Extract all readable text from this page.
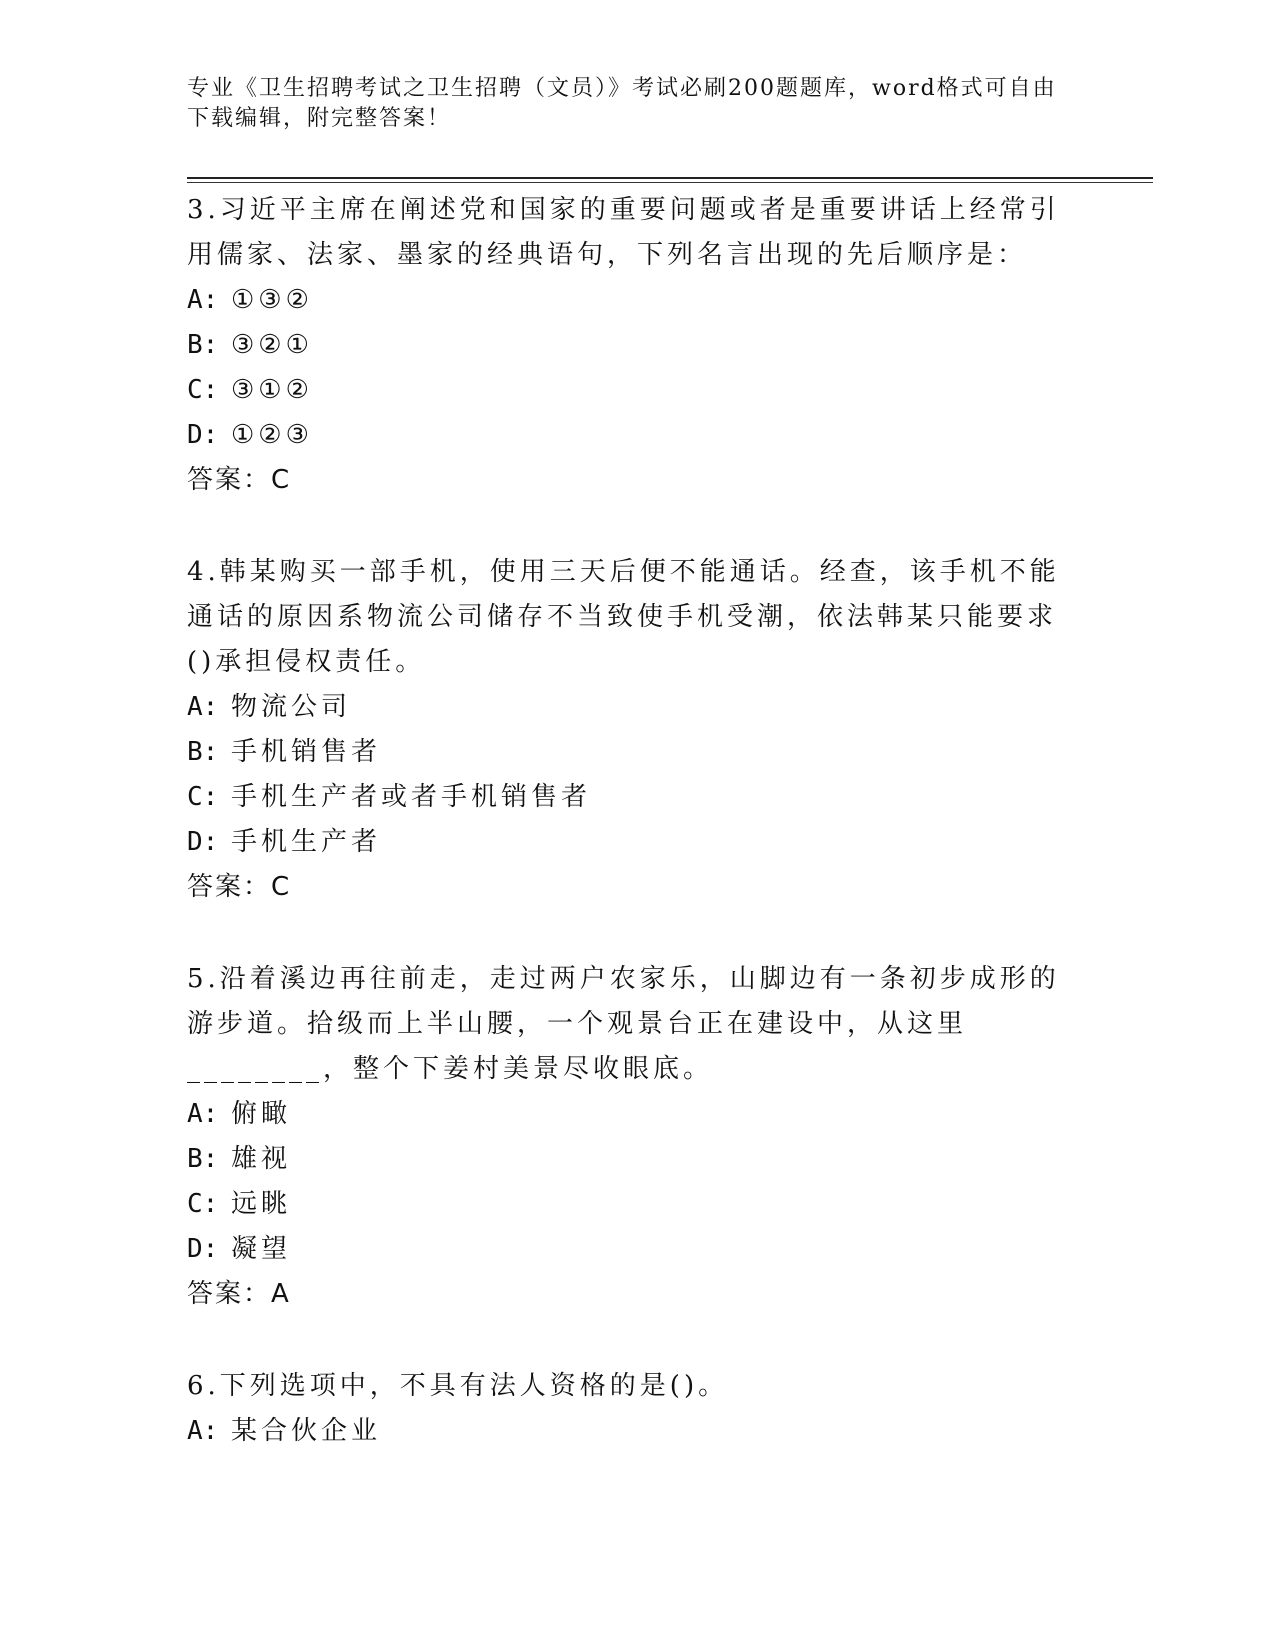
专业《卫生招聘考试之卫生招聘（文员）》考试必刷200题题库，word格式可自由下载编辑，附完整答案！

3.习近平主席在阐述党和国家的重要问题或者是重要讲话上经常引用儒家、法家、墨家的经典语句，下列名言出现的先后顺序是：

A: ①③②

B: ③②①

C: ③①②

D: ①②③

答案：C

4.韩某购买一部手机，使用三天后便不能通话。经查，该手机不能通话的原因系物流公司储存不当致使手机受潮，依法韩某只能要求()承担侵权责任。

A: 物流公司

B: 手机销售者

C: 手机生产者或者手机销售者

D: 手机生产者

答案：C

5.沿着溪边再往前走，走过两户农家乐，山脚边有一条初步成形的游步道。拾级而上半山腰，一个观景台正在建设中，从这里________，整个下姜村美景尽收眼底。

A: 俯瞰

B: 雄视

C: 远眺

D: 凝望

答案：A

6.下列选项中，不具有法人资格的是()。

A: 某合伙企业
